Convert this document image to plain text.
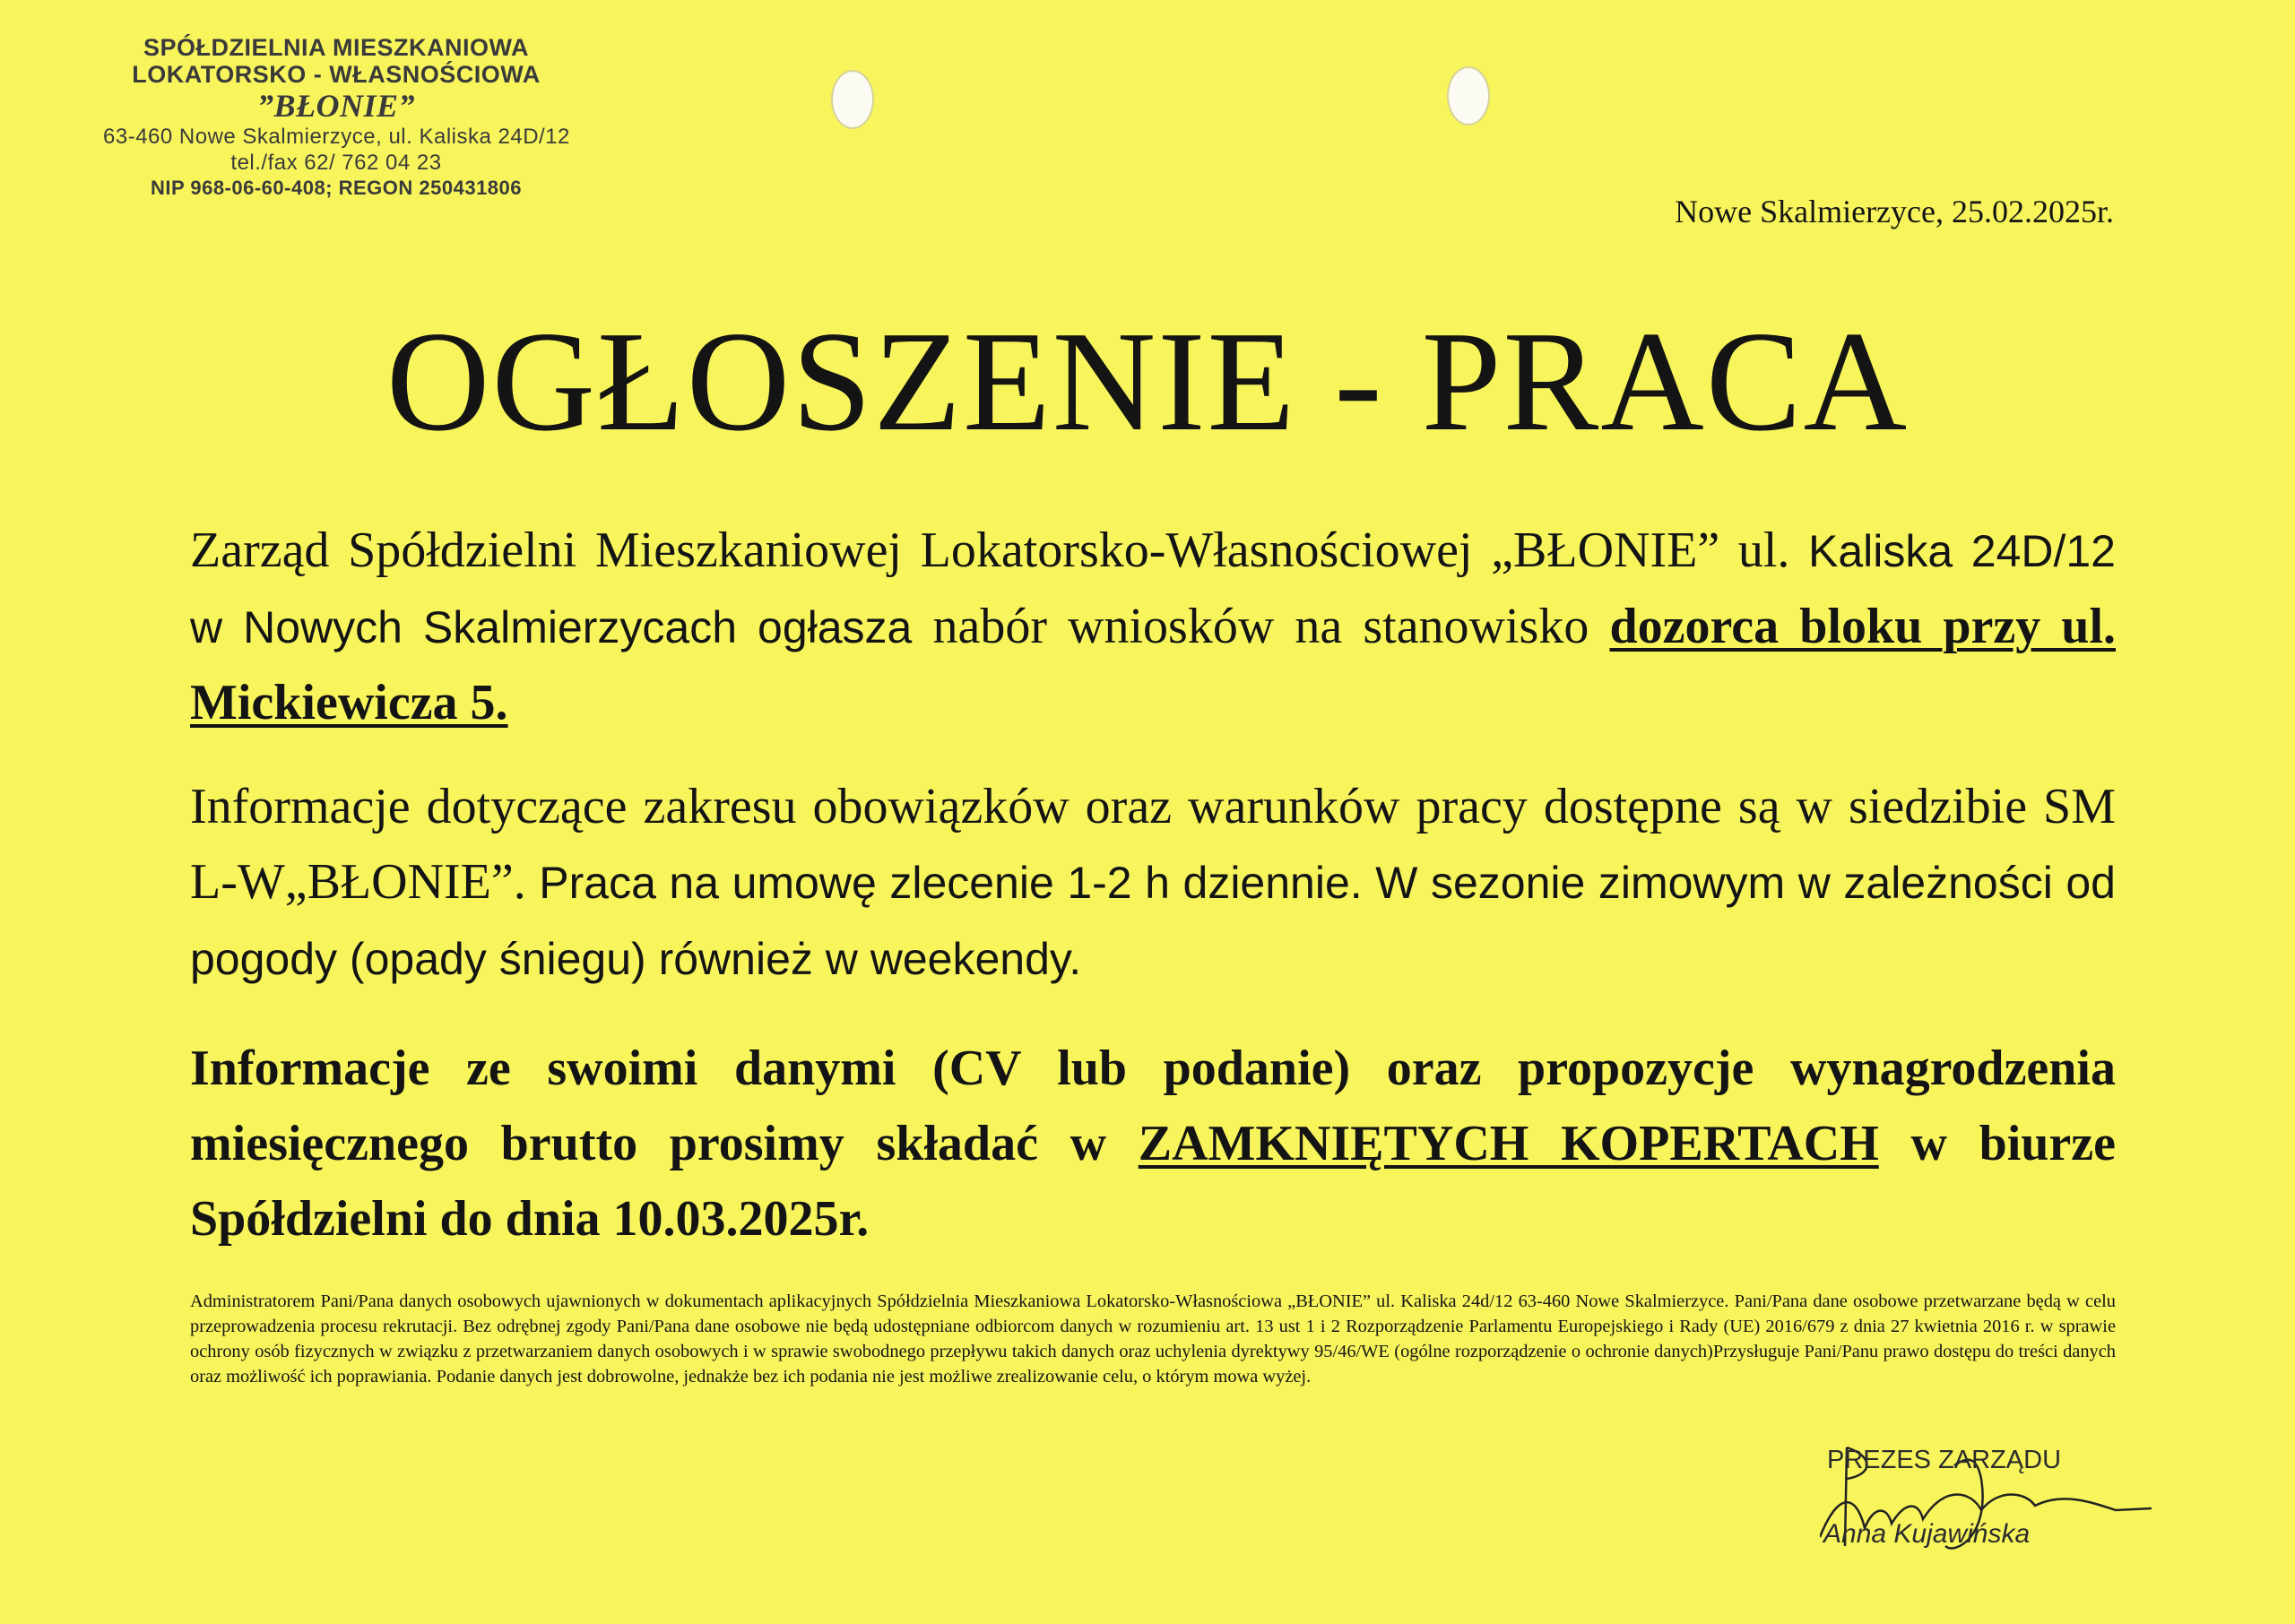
SPÓŁDZIELNIA MIESZKANIOWA
LOKATORSKO - WŁASNOŚCIOWA
”BŁONIE”
63-460 Nowe Skalmierzyce, ul. Kaliska 24D/12
tel./fax 62/ 762 04 23
NIP 968-06-60-408; REGON 250431806
Nowe Skalmierzyce, 25.02.2025r.
OGŁOSZENIE - PRACA
Zarząd Spółdzielni Mieszkaniowej Lokatorsko-Własnościowej „BŁONIE” ul. Kaliska 24D/12 w Nowych Skalmierzycach ogłasza nabór wniosków na stanowisko dozorca bloku przy ul. Mickiewicza 5.
Informacje dotyczące zakresu obowiązków oraz warunków pracy dostępne są w siedzibie SM L-W„BŁONIE”. Praca na umowę zlecenie 1-2 h dziennie. W sezonie zimowym w zależności od pogody (opady śniegu) również w weekendy.
Informacje ze swoimi danymi (CV lub podanie) oraz propozycje wynagrodzenia miesięcznego brutto prosimy składać w ZAMKNIĘTYCH KOPERTACH w biurze Spółdzielni do dnia 10.03.2025r.
Administratorem Pani/Pana danych osobowych ujawnionych w dokumentach aplikacyjnych Spółdzielnia Mieszkaniowa Lokatorsko-Własnościowa „BŁONIE” ul. Kaliska 24d/12 63-460 Nowe Skalmierzyce. Pani/Pana dane osobowe przetwarzane będą w celu przeprowadzenia procesu rekrutacji. Bez odrębnej zgody Pani/Pana dane osobowe nie będą udostępniane odbiorcom danych w rozumieniu art. 13 ust 1 i 2 Rozporządzenie Parlamentu Europejskiego i Rady (UE) 2016/679 z dnia 27 kwietnia 2016 r. w sprawie ochrony osób fizycznych w związku z przetwarzaniem danych osobowych i w sprawie swobodnego przepływu takich danych oraz uchylenia dyrektywy 95/46/WE (ogólne rozporządzenie o ochronie danych)Przysługuje Pani/Panu prawo dostępu do treści danych oraz możliwość ich poprawiania. Podanie danych jest dobrowolne, jednakże bez ich podania nie jest możliwe zrealizowanie celu, o którym mowa wyżej.
PREZES ZARZĄDU
Anna Kujawińska
